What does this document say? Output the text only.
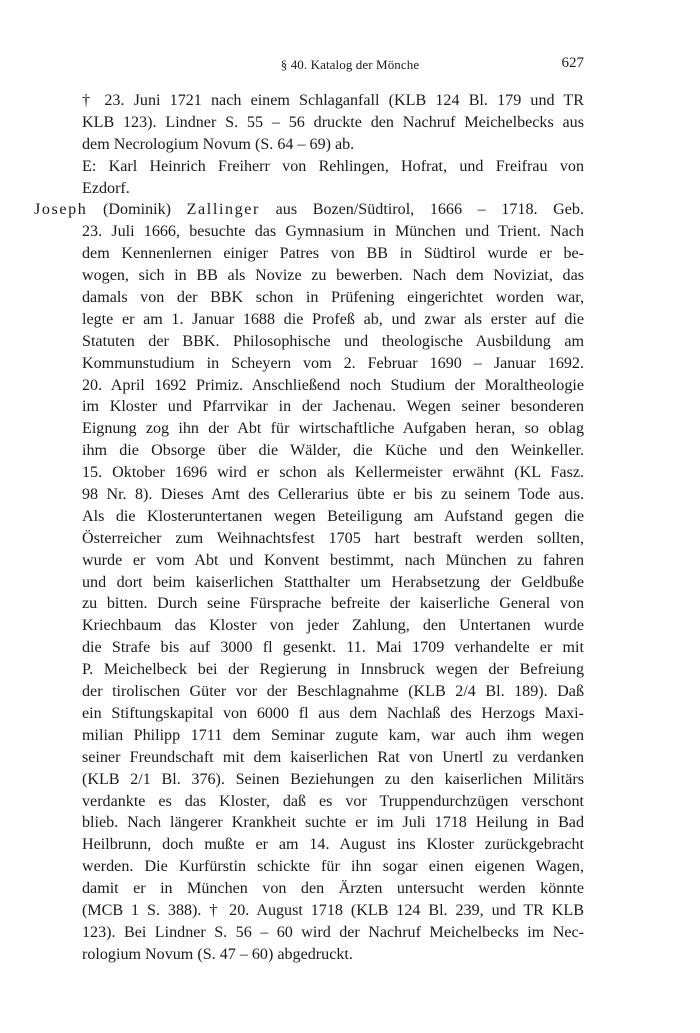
§ 40. Katalog der Mönche	627
† 23. Juni 1721 nach einem Schlaganfall (KLB 124 Bl. 179 und TR
KLB 123). Lindner S. 55 – 56 druckte den Nachruf Meichelbecks aus
dem Necrologium Novum (S. 64 – 69) ab.
E: Karl Heinrich Freiherr von Rehlingen, Hofrat, und Freifrau von
Ezdorf.
Joseph (Dominik) Zallinger aus Bozen/Südtirol, 1666 – 1718. Geb.
23. Juli 1666, besuchte das Gymnasium in München und Trient. Nach
dem Kennenlernen einiger Patres von BB in Südtirol wurde er be-
wogen, sich in BB als Novize zu bewerben. Nach dem Noviziat, das
damals von der BBK schon in Prüfening eingerichtet worden war,
legte er am 1. Januar 1688 die Profeß ab, und zwar als erster auf die
Statuten der BBK. Philosophische und theologische Ausbildung am
Kommunstudium in Scheyern vom 2. Februar 1690 – Januar 1692.
20. April 1692 Primiz. Anschließend noch Studium der Moraltheologie
im Kloster und Pfarrvikar in der Jachenau. Wegen seiner besonderen
Eignung zog ihn der Abt für wirtschaftliche Aufgaben heran, so oblag
ihm die Obsorge über die Wälder, die Küche und den Weinkeller.
15. Oktober 1696 wird er schon als Kellermeister erwähnt (KL Fasz.
98 Nr. 8). Dieses Amt des Cellerarius übte er bis zu seinem Tode aus.
Als die Klosteruntertanen wegen Beteiligung am Aufstand gegen die
Österreicher zum Weihnachtsfest 1705 hart bestraft werden sollten,
wurde er vom Abt und Konvent bestimmt, nach München zu fahren
und dort beim kaiserlichen Statthalter um Herabsetzung der Geldbuße
zu bitten. Durch seine Fürsprache befreite der kaiserliche General von
Kriechbaum das Kloster von jeder Zahlung, den Untertanen wurde
die Strafe bis auf 3000 fl gesenkt. 11. Mai 1709 verhandelte er mit
P. Meichelbeck bei der Regierung in Innsbruck wegen der Befreiung
der tirolischen Güter vor der Beschlagnahme (KLB 2/4 Bl. 189). Daß
ein Stiftungskapital von 6000 fl aus dem Nachlaß des Herzogs Maxi-
milian Philipp 1711 dem Seminar zugute kam, war auch ihm wegen
seiner Freundschaft mit dem kaiserlichen Rat von Unertl zu verdanken
(KLB 2/1 Bl. 376). Seinen Beziehungen zu den kaiserlichen Militärs
verdankte es das Kloster, daß es vor Truppendurchzügen verschont
blieb. Nach längerer Krankheit suchte er im Juli 1718 Heilung in Bad
Heilbrunn, doch mußte er am 14. August ins Kloster zurückgebracht
werden. Die Kurfürstin schickte für ihn sogar einen eigenen Wagen,
damit er in München von den Ärzten untersucht werden könnte
(MCB 1 S. 388). † 20. August 1718 (KLB 124 Bl. 239, und TR KLB
123). Bei Lindner S. 56 – 60 wird der Nachruf Meichelbecks im Nec-
rologium Novum (S. 47 – 60) abgedruckt.
